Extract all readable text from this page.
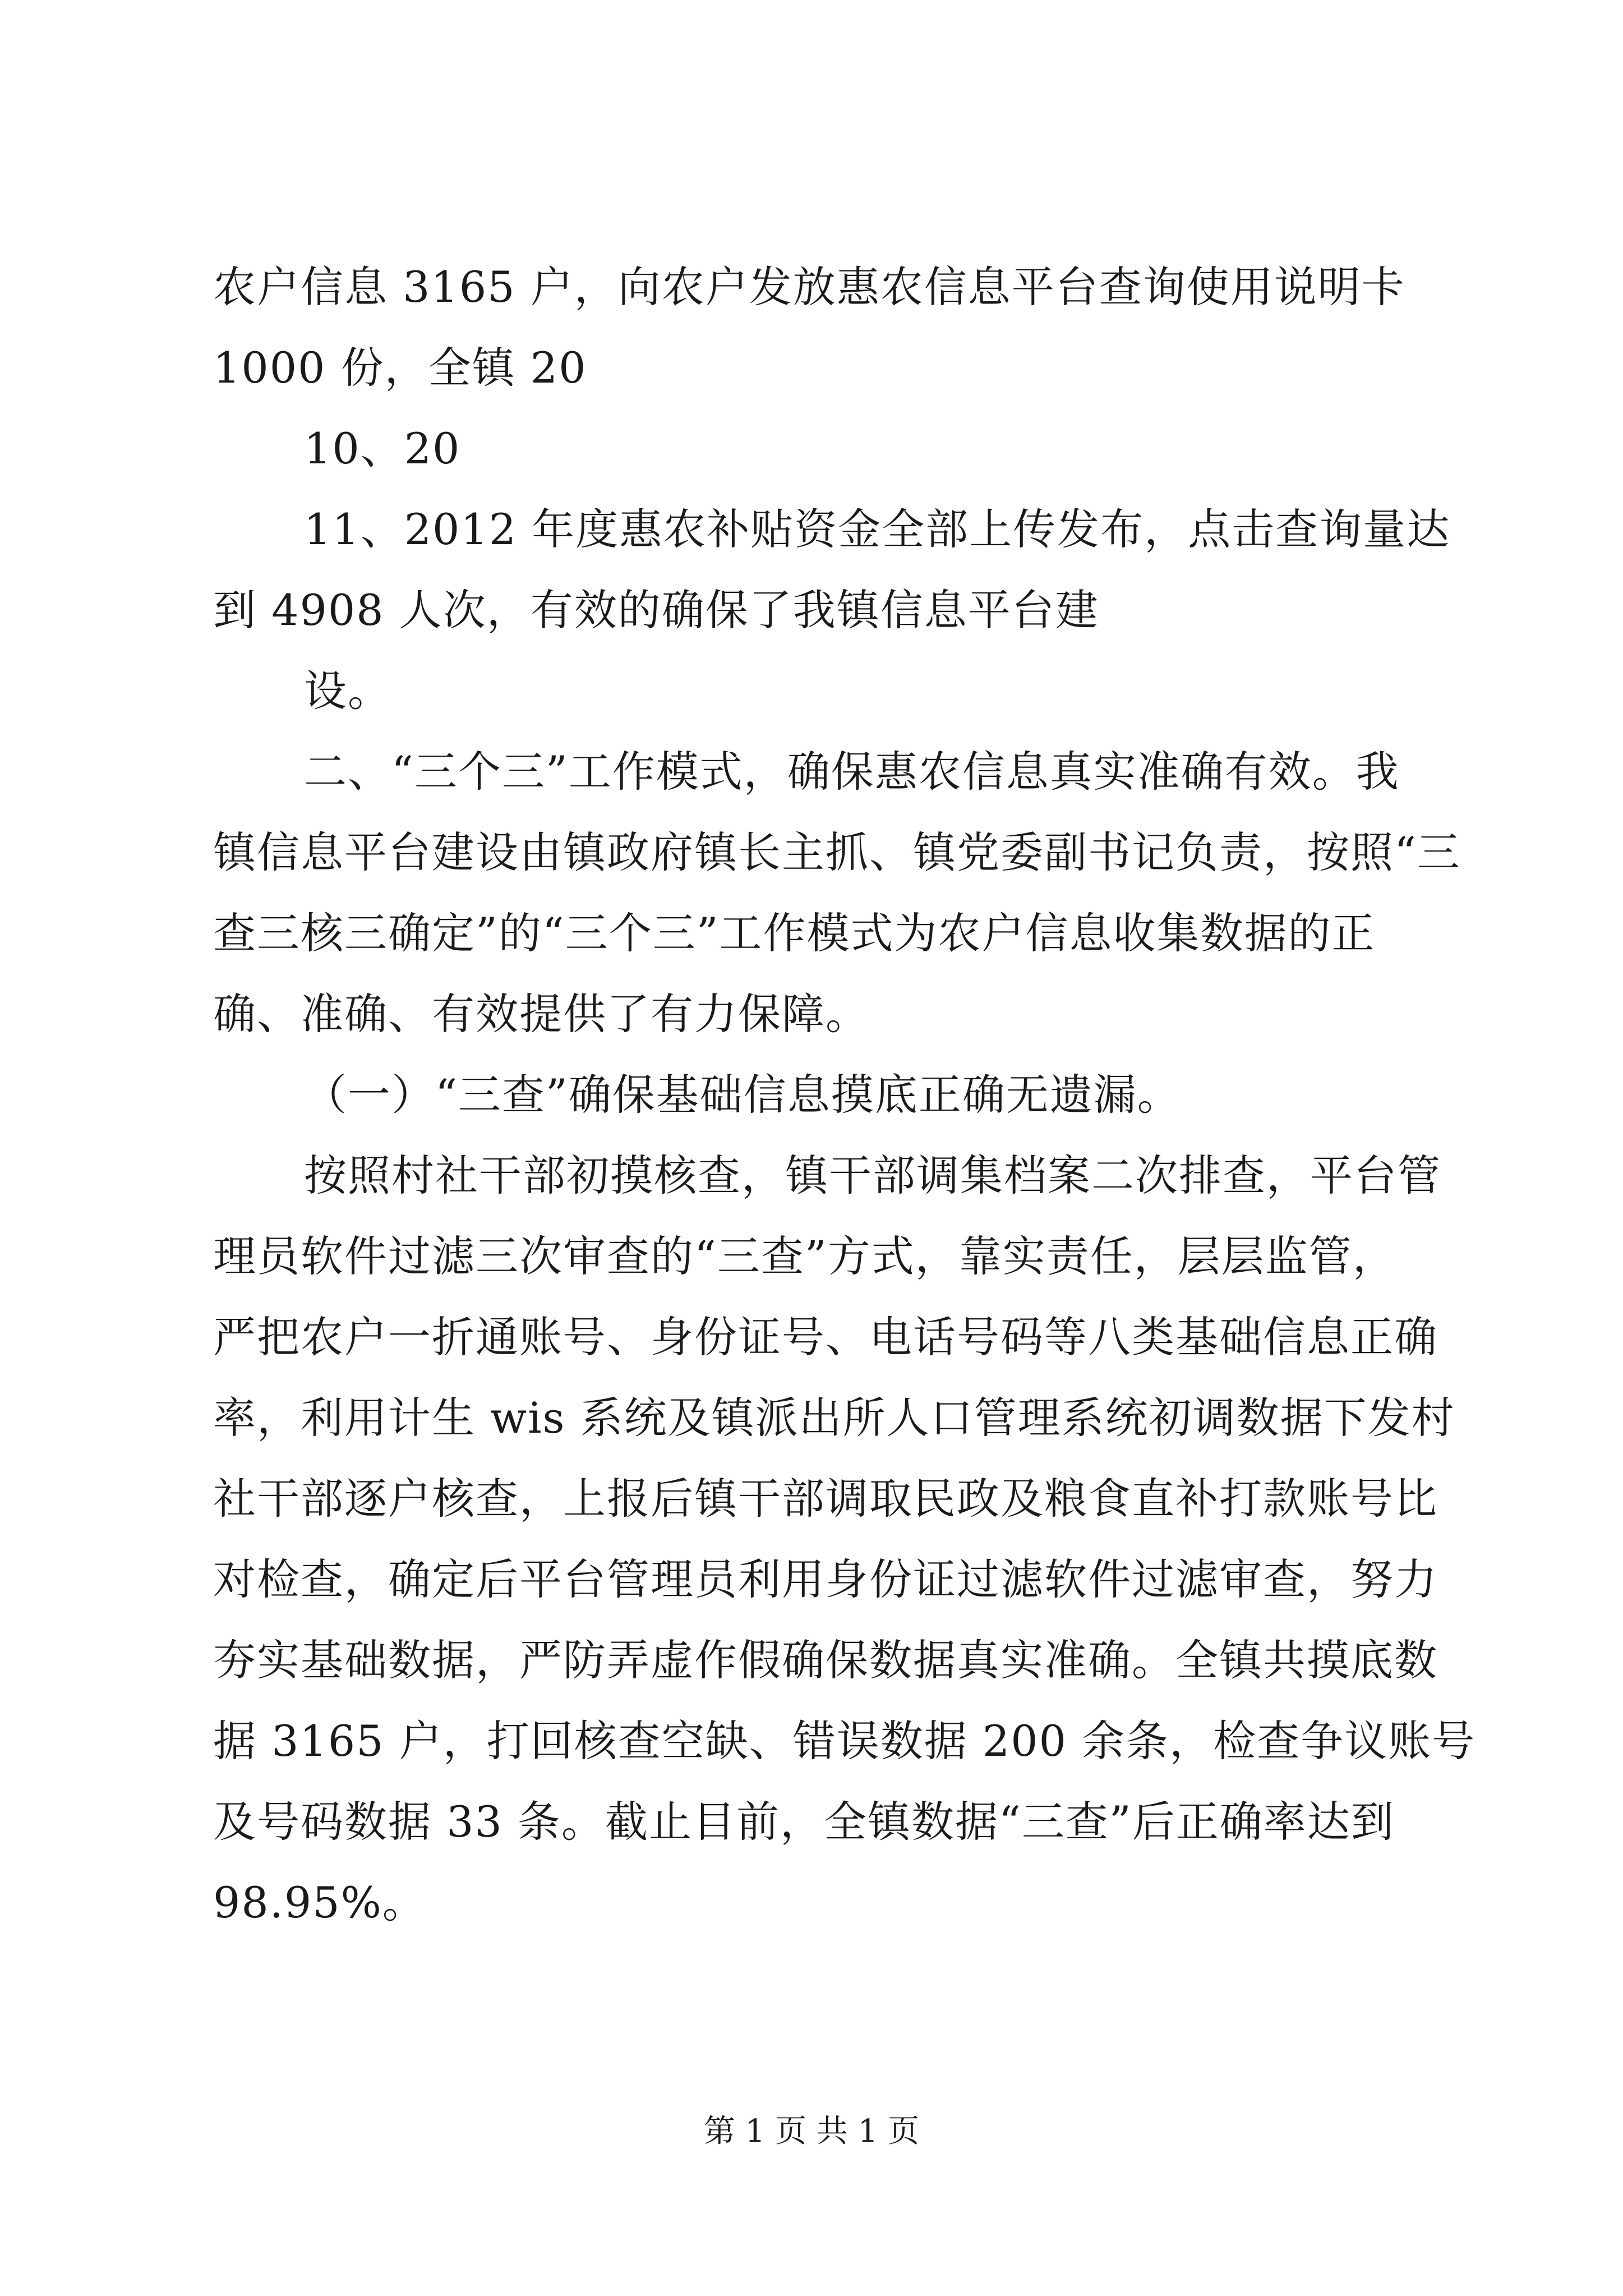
农户信息 3165 户，向农户发放惠农信息平台查询使用说明卡
1000 份，全镇 20
10、20
11、2012 年度惠农补贴资金全部上传发布，点击查询量达
到 4908 人次，有效的确保了我镇信息平台建
设。
二、“三个三”工作模式，确保惠农信息真实准确有效。我
镇信息平台建设由镇政府镇长主抓、镇党委副书记负责，按照“三
查三核三确定”的“三个三”工作模式为农户信息收集数据的正
确、准确、有效提供了有力保障。
（一）“三查”确保基础信息摸底正确无遗漏。
按照村社干部初摸核查，镇干部调集档案二次排查，平台管
理员软件过滤三次审查的“三查”方式，靠实责任，层层监管，
严把农户一折通账号、身份证号、电话号码等八类基础信息正确
率，利用计生 wis 系统及镇派出所人口管理系统初调数据下发村
社干部逐户核查，上报后镇干部调取民政及粮食直补打款账号比
对检查，确定后平台管理员利用身份证过滤软件过滤审查，努力
夯实基础数据，严防弄虚作假确保数据真实准确。全镇共摸底数
据 3165 户，打回核查空缺、错误数据 200 余条，检查争议账号
及号码数据 33 条。截止目前，全镇数据“三查”后正确率达到
98.95%。
第 1 页 共 1 页
